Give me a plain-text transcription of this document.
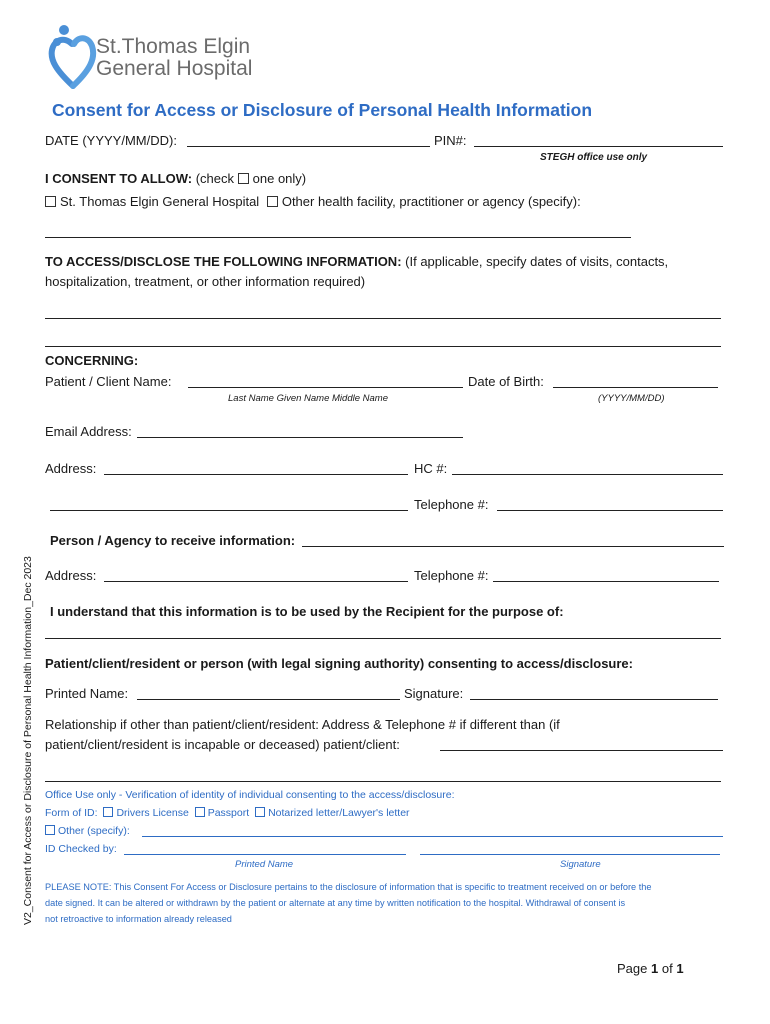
St.Thomas Elgin
General Hospital
Consent for Access or Disclosure of Personal Health Information
DATE (YYYY/MM/DD):	PIN#:
STEGH office use only
I CONSENT TO ALLOW: (check one only)
St. Thomas Elgin General Hospital Other health facility, practitioner or agency (specify):
TO ACCESS/DISCLOSE THE FOLLOWING INFORMATION: (If applicable, specify dates of visits, contacts,
hospitalization, treatment, or other information required)
CONCERNING:
Patient / Client Name:	Date of Birth:
Last Name Given Name Middle Name	(YYYY/MM/DD)
Email Address:
Address:	HC #:
Telephone #:
Person / Agency to receive information:
Address:	Telephone #:
I understand that this information is to be used by the Recipient for the purpose of:
Patient/client/resident or person (with legal signing authority) consenting to access/disclosure:
Printed Name:	Signature:
Relationship if other than patient/client/resident: Address & Telephone # if different than (if
patient/client/resident is incapable or deceased) patient/client:
Office Use only - Verification of identity of individual consenting to the access/disclosure:
Form of ID: Drivers License Passport Notarized letter/Lawyer's letter
Other (specify):
ID Checked by:
Printed Name	Signature
PLEASE NOTE: This Consent For Access or Disclosure pertains to the disclosure of information that is specific to treatment received on or before the
date signed. It can be altered or withdrawn by the patient or alternate at any time by written notification to the hospital. Withdrawal of consent is
not retroactive to information already released
Page 1 of 1
V2_Consent for Access or Disclosure of Personal Health Information_Dec 2023
